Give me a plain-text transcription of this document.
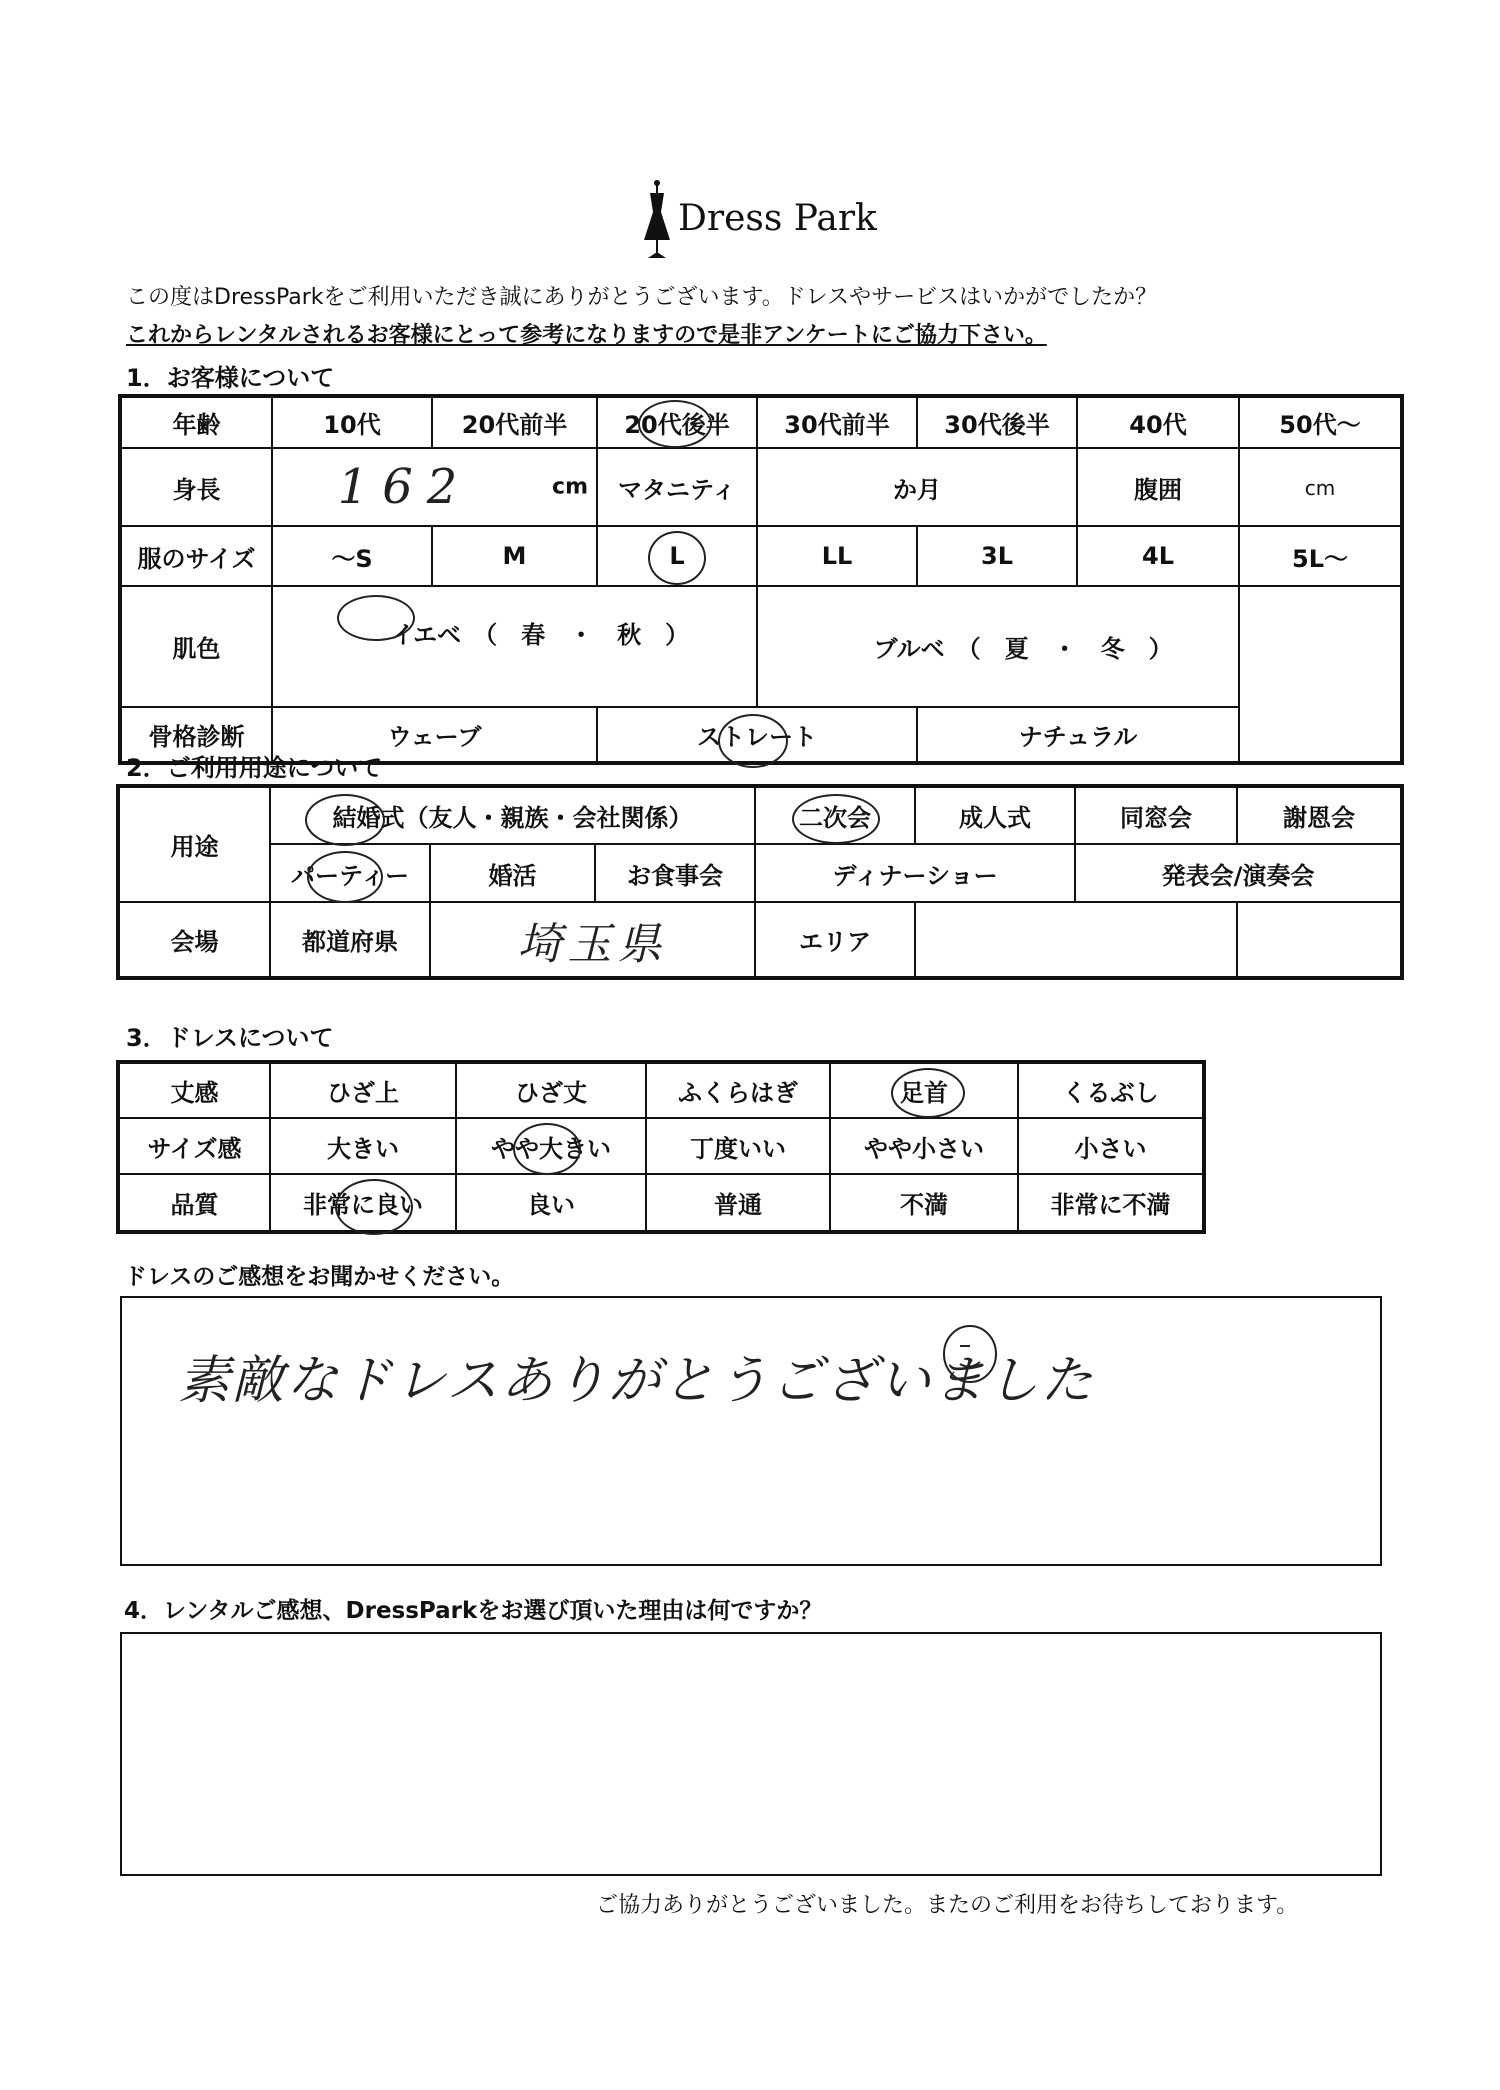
Dress Park
この度はDressParkをご利用いただき誠にありがとうございます。ドレスやサービスはいかがでしたか？
これからレンタルされるお客様にとって参考になりますので是非アンケートにご協力下さい。
1．お客様について
年齢	10代	20代前半	20代後半	30代前半	30代後半	40代	50代～
身長	162 cm		マタニティ	か月		腹囲	cm
服のサイズ	～S	M	L	LL	3L	4L	5L～
肌色	イエベ　（　春　・　秋　）			ブルベ　（　夏　・　冬　）		

骨格診断	ウェーブ		ストレート		ナチュラル		
2．ご利用用途について
用途	結婚式（友人・親族・会社関係）			二次会	成人式	同窓会	謝恩会
	パーティー	婚活	お食事会	ディナーショー		発表会/演奏会	
会場	都道府県	埼玉県		エリア			
3．ドレスについて
丈感	ひざ上	ひざ丈	ふくらはぎ	足首	くるぶし
サイズ感	大きい	やや大きい	丁度いい	やや小さい	小さい
品質	非常に良い	良い	普通	不満	非常に不満
ドレスのご感想をお聞かせください。
素敵なドレスありがとうございました
4．レンタルご感想、DressParkをお選び頂いた理由は何ですか？
ご協力ありがとうございました。またのご利用をお待ちしております。
